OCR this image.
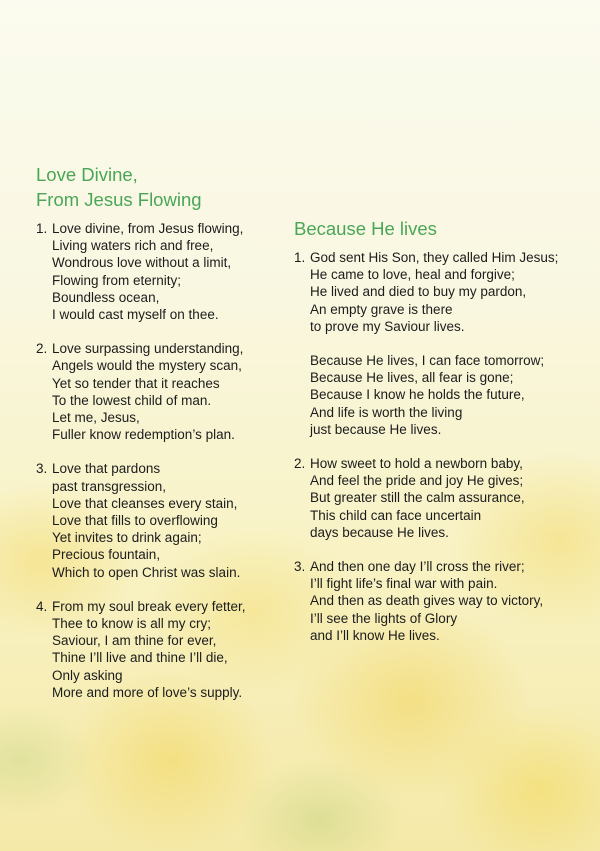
Love Divine,
From Jesus Flowing
1. Love divine, from Jesus flowing,
Living waters rich and free,
Wondrous love without a limit,
Flowing from eternity;
Boundless ocean,
I would cast myself on thee.
2. Love surpassing understanding,
Angels would the mystery scan,
Yet so tender that it reaches
To the lowest child of man.
Let me, Jesus,
Fuller know redemption’s plan.
3. Love that pardons
past transgression,
Love that cleanses every stain,
Love that fills to overflowing
Yet invites to drink again;
Precious fountain,
Which to open Christ was slain.
4. From my soul break every fetter,
Thee to know is all my cry;
Saviour, I am thine for ever,
Thine I’ll live and thine I’ll die,
Only asking
More and more of love’s supply.
Because He lives
1. God sent His Son, they called Him Jesus;
He came to love, heal and forgive;
He lived and died to buy my pardon,
An empty grave is there
to prove my Saviour lives.
Because He lives, I can face tomorrow;
Because He lives, all fear is gone;
Because I know he holds the future,
And life is worth the living
just because He lives.
2. How sweet to hold a newborn baby,
And feel the pride and joy He gives;
But greater still the calm assurance,
This child can face uncertain
days because He lives.
3. And then one day I’ll cross the river;
I’ll fight life’s final war with pain.
And then as death gives way to victory,
I’ll see the lights of Glory
and I’ll know He lives.
